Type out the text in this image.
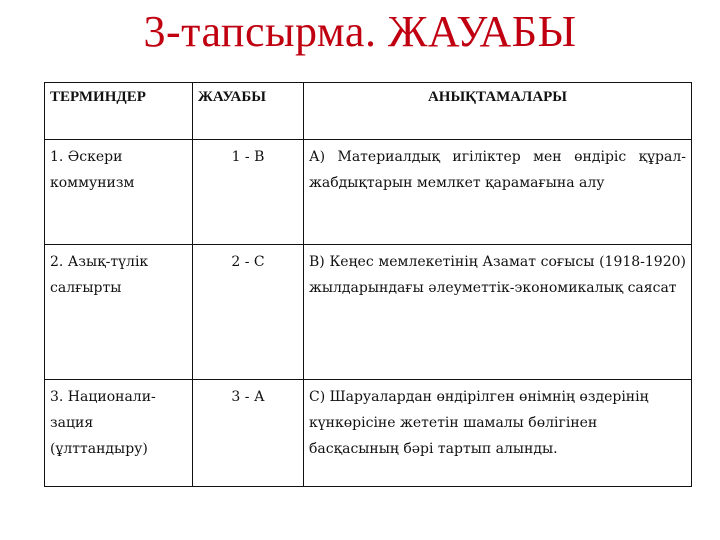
3-тапсырма. ЖАУАБЫ
ТЕРМИНДЕР	ЖАУАБЫ	АНЫҚТАМАЛАРЫ
1. Әскери коммунизм	1 - В	А) Материалдық игіліктер мен өндіріс құрал-жабдықтарын мемлкет қарамағына алу
2. Азық-түлік салғырты	2 - С	В) Кеңес мемлекетінің Азамат соғысы (1918-1920) жылдарындағы әлеуметтік-экономикалық саясат
3. Национали-зация (ұлттандыру)	3 - А	С) Шаруалардан өндірілген өнімнің өздерінің күнкөрісіне жететін шамалы бөлігінен басқасының бәрі тартып алынды.
